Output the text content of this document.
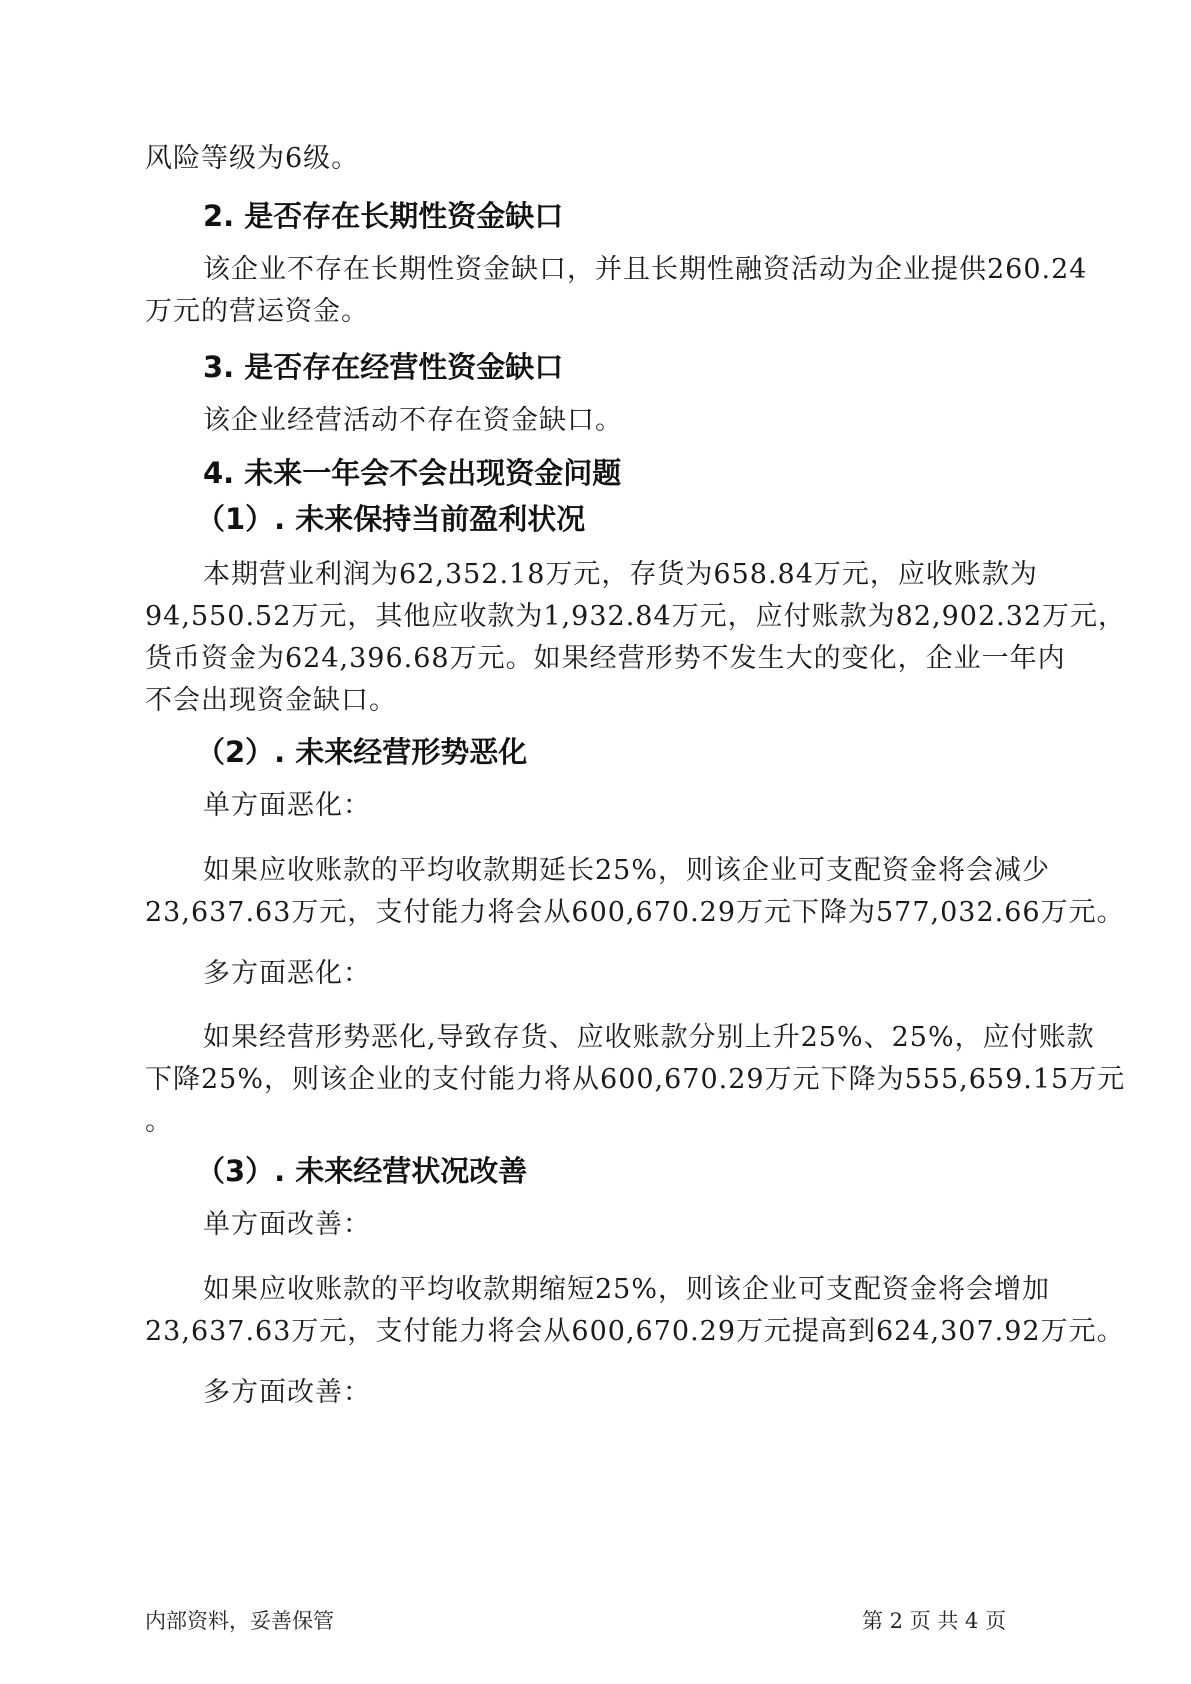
风险等级为6级。

2. 是否存在长期性资金缺口

该企业不存在长期性资金缺口，并且长期性融资活动为企业提供260.24

万元的营运资金。

3. 是否存在经营性资金缺口

该企业经营活动不存在资金缺口。

4. 未来一年会不会出现资金问题
（1）. 未来保持当前盈利状况

本期营业利润为62,352.18万元，存货为658.84万元，应收账款为

94,550.52万元，其他应收款为1,932.84万元，应付账款为82,902.32万元，

货币资金为624,396.68万元。如果经营形势不发生大的变化，企业一年内

不会出现资金缺口。

（2）. 未来经营形势恶化

单方面恶化：

如果应收账款的平均收款期延长25%，则该企业可支配资金将会减少

23,637.63万元，支付能力将会从600,670.29万元下降为577,032.66万元。

多方面恶化：

如果经营形势恶化,导致存货、应收账款分别上升25%、25%，应付账款

下降25%，则该企业的支付能力将从600,670.29万元下降为555,659.15万元

。

（3）. 未来经营状况改善

单方面改善：

如果应收账款的平均收款期缩短25%，则该企业可支配资金将会增加

23,637.63万元，支付能力将会从600,670.29万元提高到624,307.92万元。

多方面改善：

内部资料，妥善保管	第 2 页 共 4 页
